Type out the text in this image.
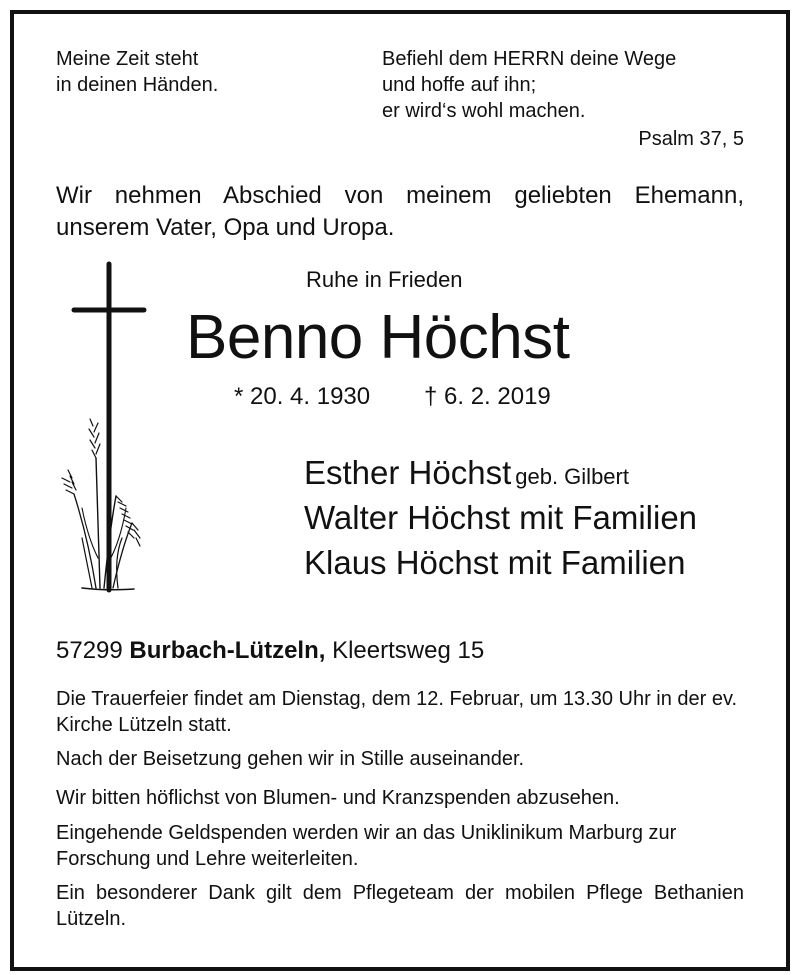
Meine Zeit steht
in deinen Händen.

Befiehl dem HERRN deine Wege
und hoffe auf ihn;
er wird‘s wohl machen.

Psalm 37, 5

Wir nehmen Abschied von meinem geliebten Ehemann, unserem Vater, Opa und Uropa.

Ruhe in Frieden

Benno Höchst

* 20. 4. 1930 † 6. 2. 2019

Esther Höchst geb. Gilbert

Walter Höchst mit Familien

Klaus Höchst mit Familien

57299 Burbach-Lützeln, Kleertsweg 15

Die Trauerfeier findet am Dienstag, dem 12. Februar, um 13.30 Uhr in der ev. Kirche Lützeln statt.

Nach der Beisetzung gehen wir in Stille auseinander.

Wir bitten höflichst von Blumen- und Kranzspenden abzusehen.

Eingehende Geldspenden werden wir an das Uniklinikum Marburg zur Forschung und Lehre weiterleiten.

Ein besonderer Dank gilt dem Pflegeteam der mobilen Pflege Bethanien Lützeln.
